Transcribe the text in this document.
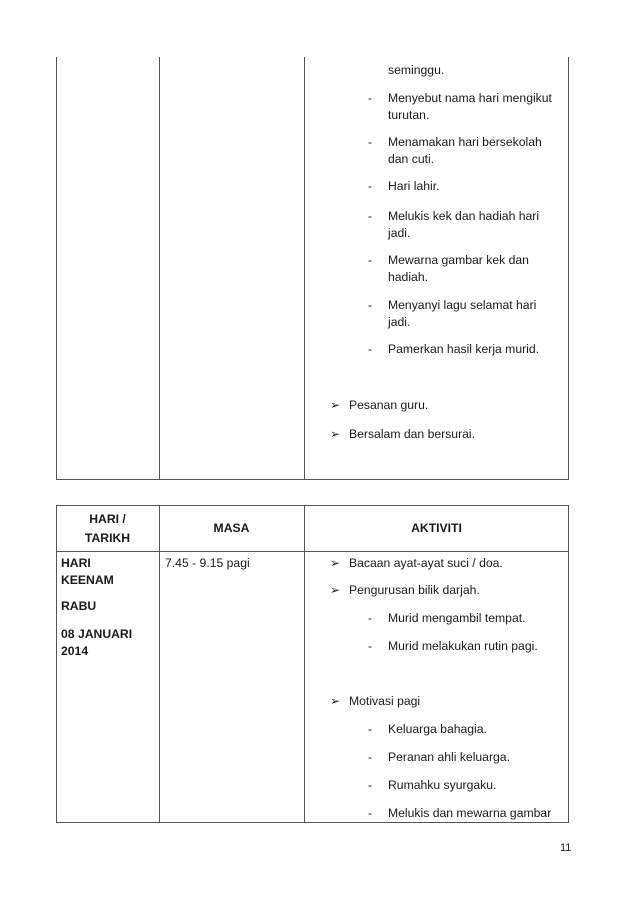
seminggu.
- Menyebut nama hari mengikut
turutan.
- Menamakan hari bersekolah
dan cuti.
- Hari lahir.
- Melukis kek dan hadiah hari
jadi.
- Mewarna gambar kek dan
hadiah.
- Menyanyi lagu selamat hari
jadi.
- Pamerkan hasil kerja murid.
➢ Pesanan guru.
➢ Bersalam dan bersurai.
HARI /
TARIKH
MASA	AKTIVITI
HARI
KEENAM
RABU
08 JANUARI
2014
7.45 - 9.15 pagi	➢ Bacaan ayat-ayat suci / doa.
➢ Pengurusan bilik darjah.
- Murid mengambil tempat.
- Murid melakukan rutin pagi.
➢ Motivasi pagi
- Keluarga bahagia.
- Peranan ahli keluarga.
- Rumahku syurgaku.
- Melukis dan mewarna gambar
11
